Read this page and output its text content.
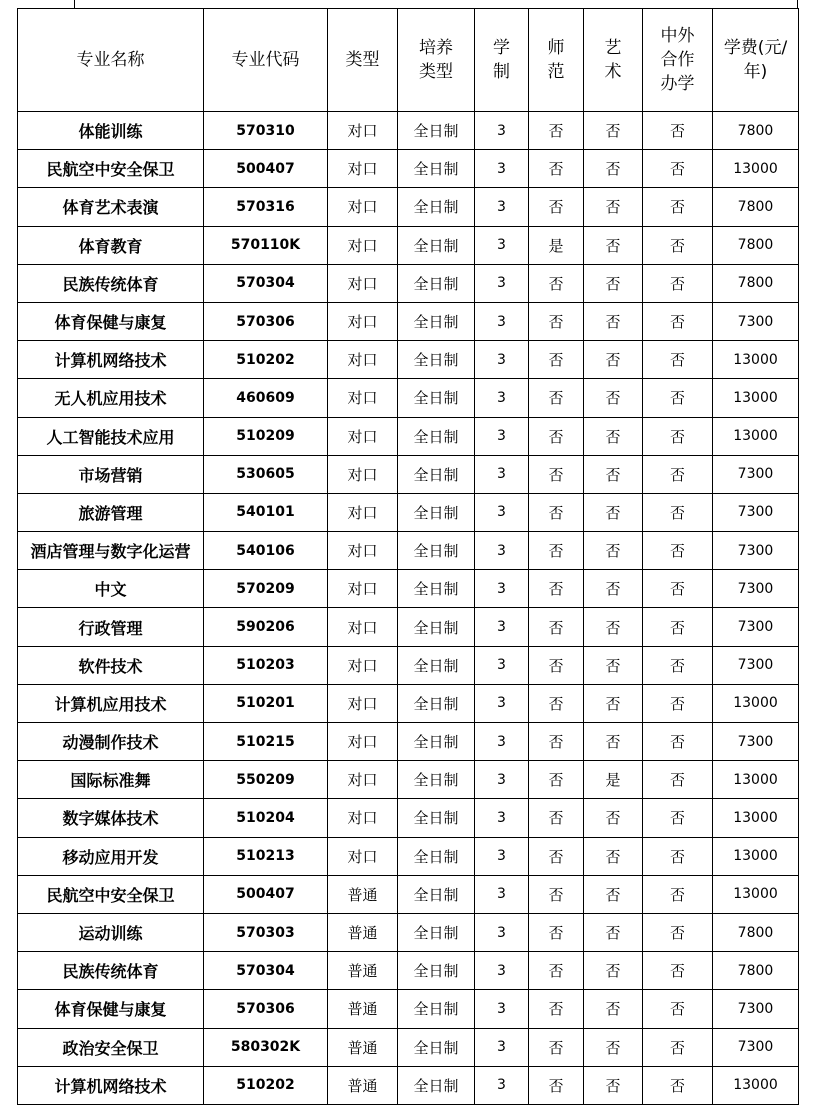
专业名称	专业代码	类型	培养类型	学制	师范	艺术	中外合作办学	学费(元/年)
体能训练	570310	对口	全日制	3	否	否	否	7800
民航空中安全保卫	500407	对口	全日制	3	否	否	否	13000
体育艺术表演	570316	对口	全日制	3	否	否	否	7800
体育教育	570110K	对口	全日制	3	是	否	否	7800
民族传统体育	570304	对口	全日制	3	否	否	否	7800
体育保健与康复	570306	对口	全日制	3	否	否	否	7300
计算机网络技术	510202	对口	全日制	3	否	否	否	13000
无人机应用技术	460609	对口	全日制	3	否	否	否	13000
人工智能技术应用	510209	对口	全日制	3	否	否	否	13000
市场营销	530605	对口	全日制	3	否	否	否	7300
旅游管理	540101	对口	全日制	3	否	否	否	7300
酒店管理与数字化运营	540106	对口	全日制	3	否	否	否	7300
中文	570209	对口	全日制	3	否	否	否	7300
行政管理	590206	对口	全日制	3	否	否	否	7300
软件技术	510203	对口	全日制	3	否	否	否	7300
计算机应用技术	510201	对口	全日制	3	否	否	否	13000
动漫制作技术	510215	对口	全日制	3	否	否	否	7300
国际标准舞	550209	对口	全日制	3	否	是	否	13000
数字媒体技术	510204	对口	全日制	3	否	否	否	13000
移动应用开发	510213	对口	全日制	3	否	否	否	13000
民航空中安全保卫	500407	普通	全日制	3	否	否	否	13000
运动训练	570303	普通	全日制	3	否	否	否	7800
民族传统体育	570304	普通	全日制	3	否	否	否	7800
体育保健与康复	570306	普通	全日制	3	否	否	否	7300
政治安全保卫	580302K	普通	全日制	3	否	否	否	7300
计算机网络技术	510202	普通	全日制	3	否	否	否	13000
